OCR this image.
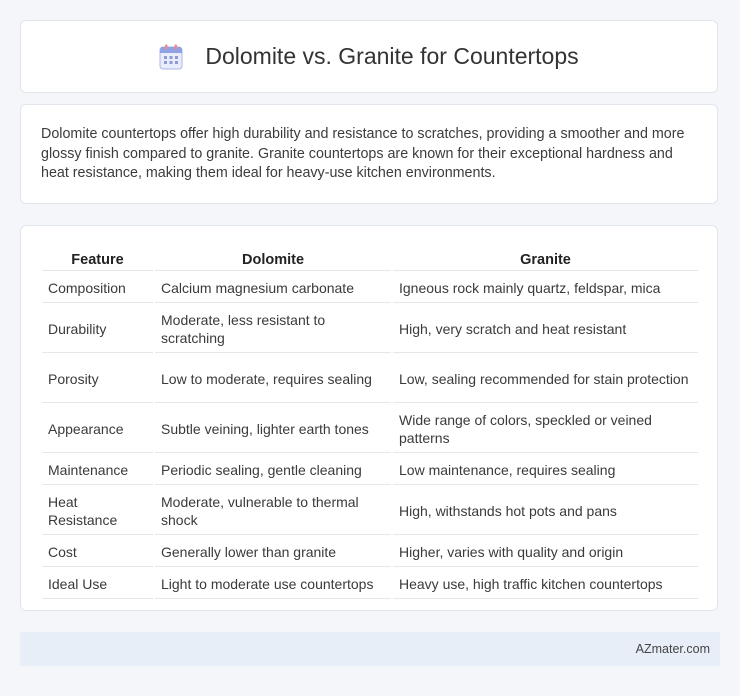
Dolomite vs. Granite for Countertops

Dolomite countertops offer high durability and resistance to scratches, providing a smoother and more glossy finish compared to granite. Granite countertops are known for their exceptional hardness and heat resistance, making them ideal for heavy-use kitchen environments.

Feature	Dolomite	Granite
Composition	Calcium magnesium carbonate	Igneous rock mainly quartz, feldspar, mica
Durability	Moderate, less resistant to scratching	High, very scratch and heat resistant
Porosity	Low to moderate, requires sealing	Low, sealing recommended for stain protection
Appearance	Subtle veining, lighter earth tones	Wide range of colors, speckled or veined patterns
Maintenance	Periodic sealing, gentle cleaning	Low maintenance, requires sealing
Heat Resistance	Moderate, vulnerable to thermal shock	High, withstands hot pots and pans
Cost	Generally lower than granite	Higher, varies with quality and origin
Ideal Use	Light to moderate use countertops	Heavy use, high traffic kitchen countertops
AZmater.com
